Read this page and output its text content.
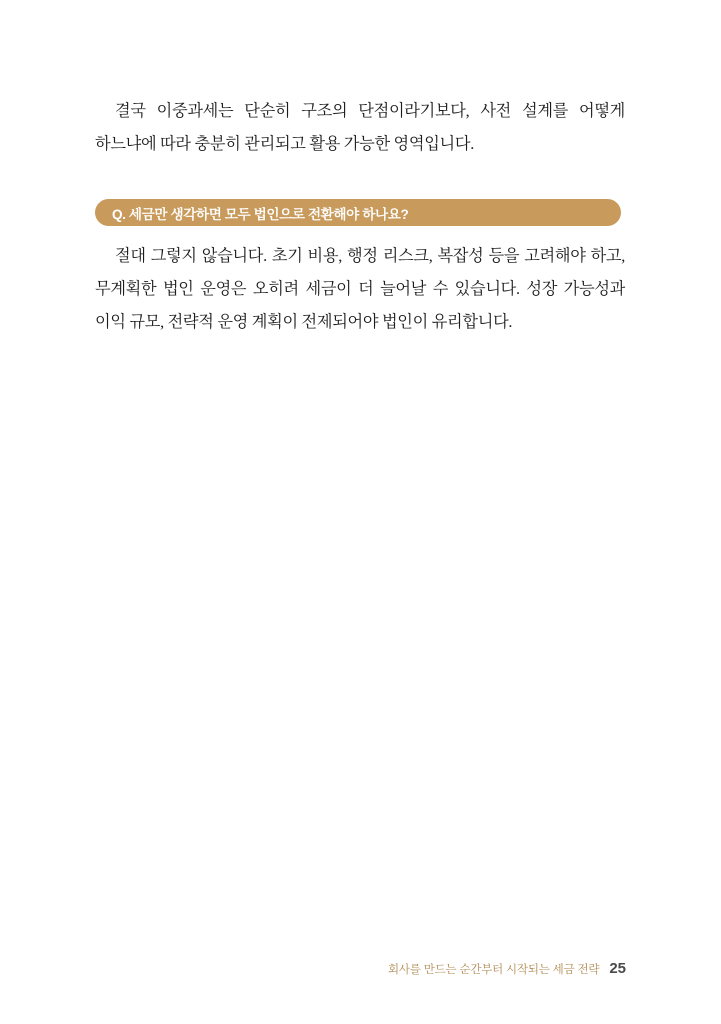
결국 이중과세는 단순히 구조의 단점이라기보다, 사전 설계를 어떻게 하느냐에 따라 충분히 관리되고 활용 가능한 영역입니다.

Q. 세금만 생각하면 모두 법인으로 전환해야 하나요?

절대 그렇지 않습니다. 초기 비용, 행정 리스크, 복잡성 등을 고려해야 하고, 무계획한 법인 운영은 오히려 세금이 더 늘어날 수 있습니다. 성장 가능성과 이익 규모, 전략적 운영 계획이 전제되어야 법인이 유리합니다.

회사를 만드는 순간부터 시작되는 세금 전략 25
